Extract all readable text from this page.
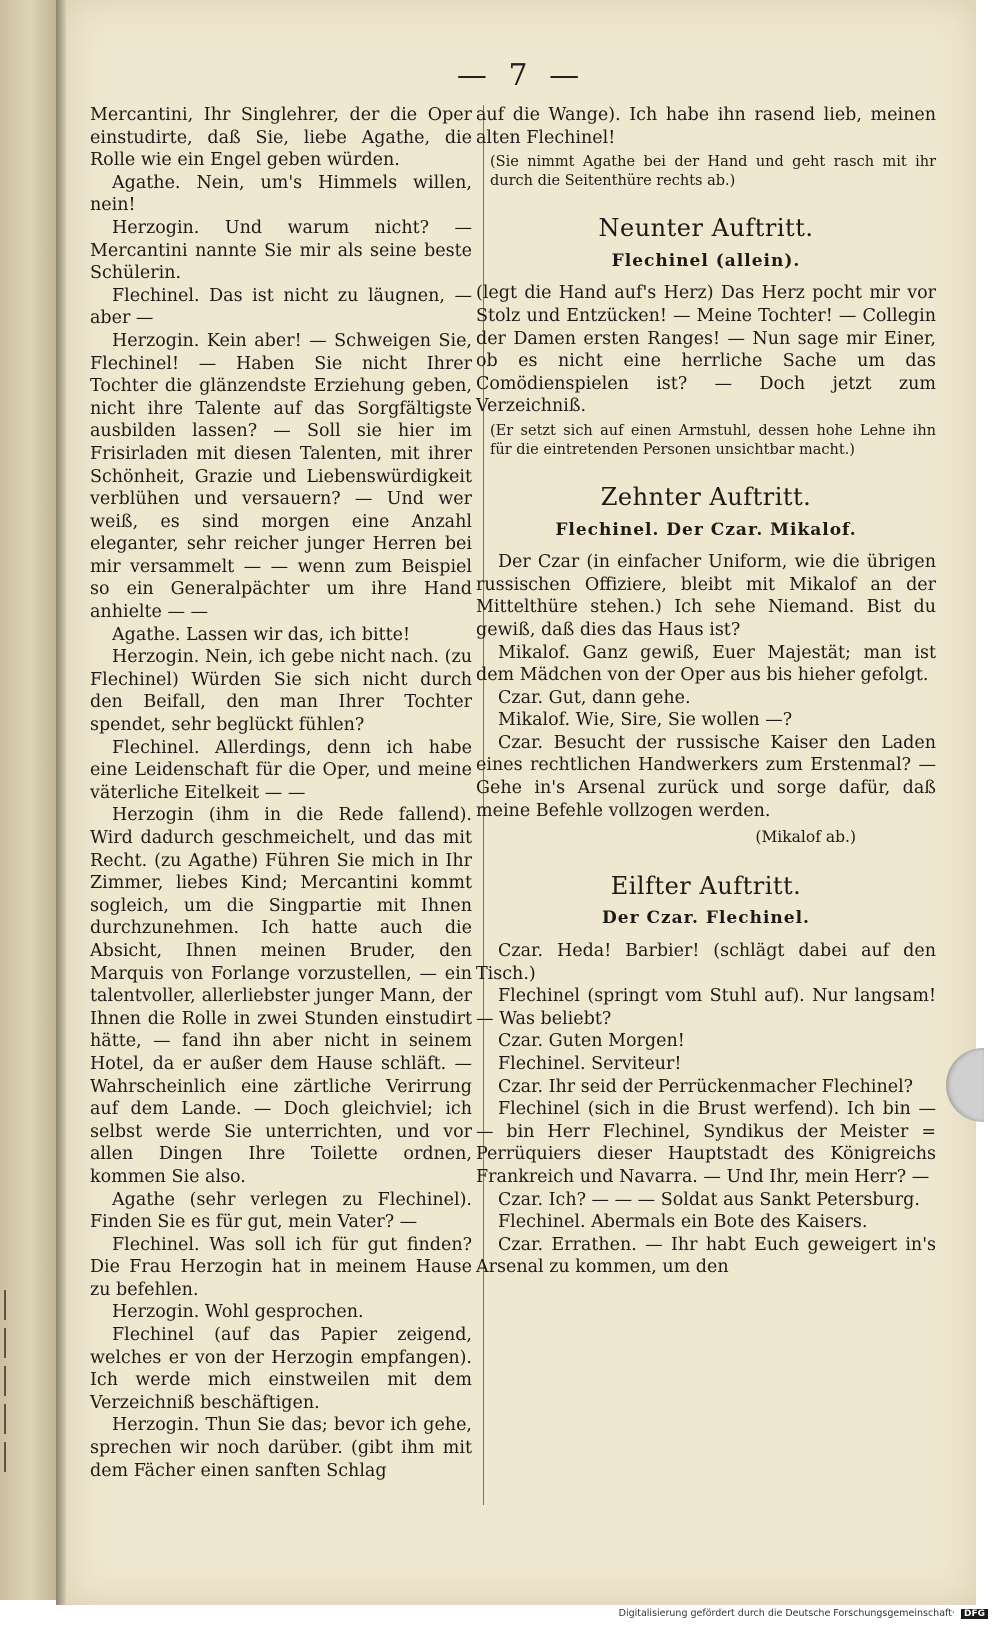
— 7 —

Mercantini, Ihr Singlehrer, der die Oper einstudirte, daß Sie, liebe Agathe, die Rolle wie ein Engel geben würden.

Agathe. Nein, um's Himmels willen, nein!

Herzogin. Und warum nicht? — Mercantini nannte Sie mir als seine beste Schülerin.

Flechinel. Das ist nicht zu läugnen, — aber —

Herzogin. Kein aber! — Schweigen Sie, Flechinel! — Haben Sie nicht Ihrer Tochter die glänzendste Erziehung geben, nicht ihre Talente auf das Sorgfältigste ausbilden lassen? — Soll sie hier im Frisirladen mit diesen Talenten, mit ihrer Schönheit, Grazie und Liebenswürdigkeit verblühen und versauern? — Und wer weiß, es sind morgen eine Anzahl eleganter, sehr reicher junger Herren bei mir versammelt — — wenn zum Beispiel so ein Generalpächter um ihre Hand anhielte — —

Agathe. Lassen wir das, ich bitte!

Herzogin. Nein, ich gebe nicht nach. (zu Flechinel) Würden Sie sich nicht durch den Beifall, den man Ihrer Tochter spendet, sehr beglückt fühlen?

Flechinel. Allerdings, denn ich habe eine Leidenschaft für die Oper, und meine väterliche Eitelkeit — —

Herzogin (ihm in die Rede fallend). Wird dadurch geschmeichelt, und das mit Recht. (zu Agathe) Führen Sie mich in Ihr Zimmer, liebes Kind; Mercantini kommt sogleich, um die Singpartie mit Ihnen durchzunehmen. Ich hatte auch die Absicht, Ihnen meinen Bruder, den Marquis von Forlange vorzustellen, — ein talentvoller, allerliebster junger Mann, der Ihnen die Rolle in zwei Stunden einstudirt hätte, — fand ihn aber nicht in seinem Hotel, da er außer dem Hause schläft. — Wahrscheinlich eine zärtliche Verirrung auf dem Lande. — Doch gleichviel; ich selbst werde Sie unterrichten, und vor allen Dingen Ihre Toilette ordnen, kommen Sie also.

Agathe (sehr verlegen zu Flechinel). Finden Sie es für gut, mein Vater? —

Flechinel. Was soll ich für gut finden? Die Frau Herzogin hat in meinem Hause zu befehlen.

Herzogin. Wohl gesprochen.

Flechinel (auf das Papier zeigend, welches er von der Herzogin empfangen). Ich werde mich einstweilen mit dem Verzeichniß beschäftigen.

Herzogin. Thun Sie das; bevor ich gehe, sprechen wir noch darüber. (gibt ihm mit dem Fächer einen sanften Schlag

auf die Wange). Ich habe ihn rasend lieb, meinen alten Flechinel!

(Sie nimmt Agathe bei der Hand und geht rasch mit ihr durch die Seitenthüre rechts ab.)

Neunter Auftritt.
Flechinel (allein).

(legt die Hand auf's Herz) Das Herz pocht mir vor Stolz und Entzücken! — Meine Tochter! — Collegin der Damen ersten Ranges! — Nun sage mir Einer, ob es nicht eine herrliche Sache um das Comödienspielen ist? — Doch jetzt zum Verzeichniß.

(Er setzt sich auf einen Armstuhl, dessen hohe Lehne ihn für die eintretenden Personen unsichtbar macht.)

Zehnter Auftritt.
Flechinel. Der Czar. Mikalof.

Der Czar (in einfacher Uniform, wie die übrigen russischen Offiziere, bleibt mit Mikalof an der Mittelthüre stehen.) Ich sehe Niemand. Bist du gewiß, daß dies das Haus ist?

Mikalof. Ganz gewiß, Euer Majestät; man ist dem Mädchen von der Oper aus bis hieher gefolgt.

Czar. Gut, dann gehe.

Mikalof. Wie, Sire, Sie wollen —?

Czar. Besucht der russische Kaiser den Laden eines rechtlichen Handwerkers zum Erstenmal? — Gehe in's Arsenal zurück und sorge dafür, daß meine Befehle vollzogen werden.

(Mikalof ab.)
Eilfter Auftritt.
Der Czar. Flechinel.

Czar. Heda! Barbier! (schlägt dabei auf den Tisch.)

Flechinel (springt vom Stuhl auf). Nur langsam! — Was beliebt?

Czar. Guten Morgen!

Flechinel. Serviteur!

Czar. Ihr seid der Perrückenmacher Flechinel?

Flechinel (sich in die Brust werfend). Ich bin — — bin Herr Flechinel, Syndikus der Meister = Perrüquiers dieser Hauptstadt des Königreichs Frankreich und Navarra. — Und Ihr, mein Herr? —

Czar. Ich? — — — Soldat aus Sankt Petersburg.

Flechinel. Abermals ein Bote des Kaisers.

Czar. Errathen. — Ihr habt Euch geweigert in's Arsenal zu kommen, um den

Digitalisierung gefördert durch die Deutsche Forschungsgemeinschaft· DFG
